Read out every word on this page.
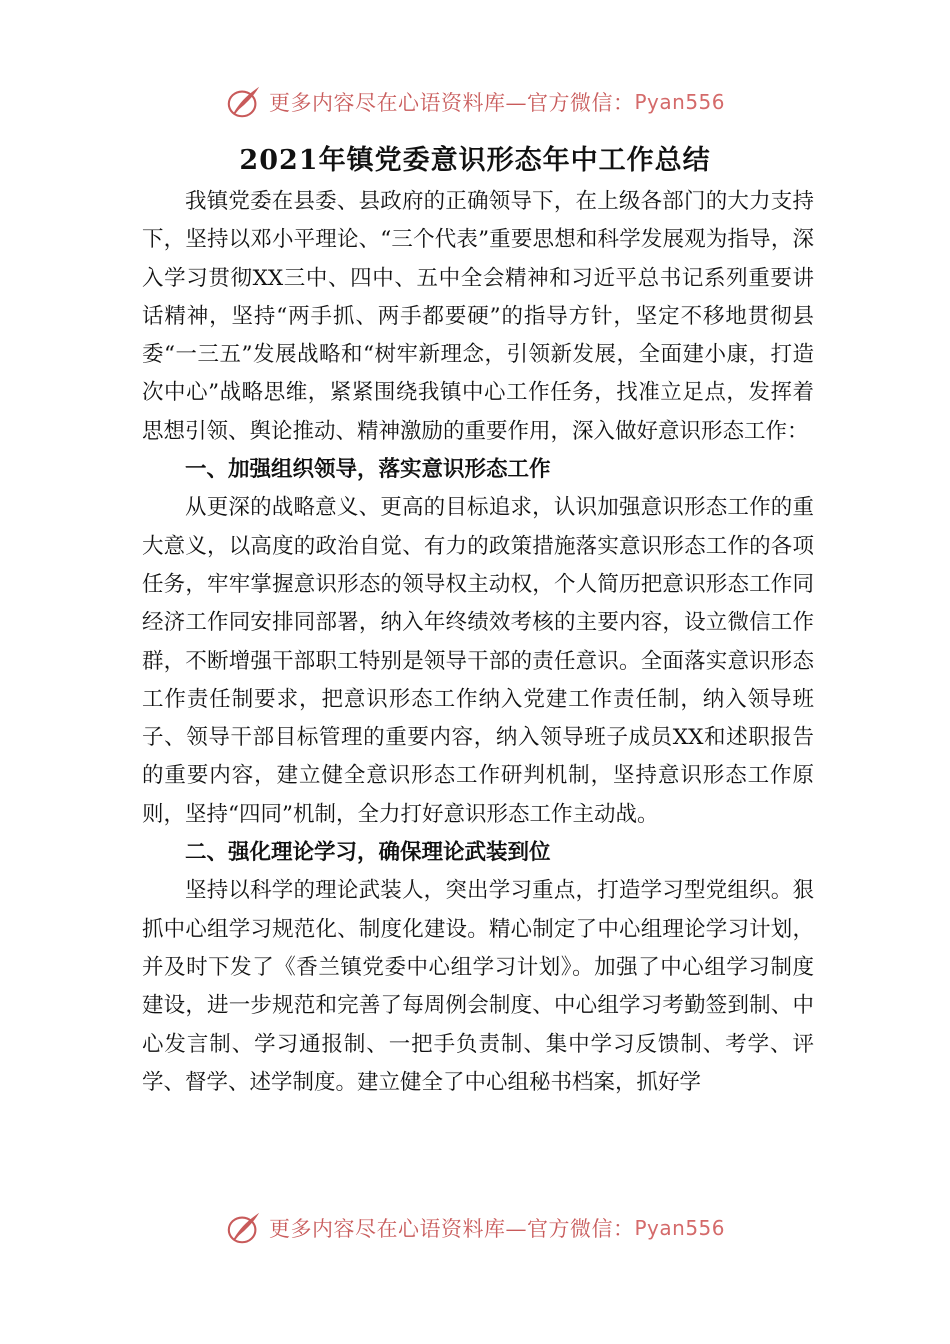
更多内容尽在心语资料库—官方微信： Pyan556
2021年镇党委意识形态年中工作总结

我镇党委在县委、县政府的正确领导下，在上级各部门的大力支持下，坚持以邓小平理论、“三个代表”重要思想和科学发展观为指导，深入学习贯彻XX三中、四中、五中全会精神和习近平总书记系列重要讲话精神，坚持“两手抓、两手都要硬”的指导方针，坚定不移地贯彻县委“一三五”发展战略和“树牢新理念，引领新发展，全面建小康，打造次中心”战略思维，紧紧围绕我镇中心工作任务，找准立足点，发挥着思想引领、舆论推动、精神激励的重要作用，深入做好意识形态工作：

一、加强组织领导，落实意识形态工作

从更深的战略意义、更高的目标追求，认识加强意识形态工作的重大意义，以高度的政治自觉、有力的政策措施落实意识形态工作的各项任务，牢牢掌握意识形态的领导权主动权，个人简历把意识形态工作同经济工作同安排同部署，纳入年终绩效考核的主要内容，设立微信工作群，不断增强干部职工特别是领导干部的责任意识。全面落实意识形态工作责任制要求，把意识形态工作纳入党建工作责任制，纳入领导班子、领导干部目标管理的重要内容，纳入领导班子成员XX和述职报告的重要内容，建立健全意识形态工作研判机制，坚持意识形态工作原则，坚持“四同”机制，全力打好意识形态工作主动战。

二、强化理论学习，确保理论武装到位

坚持以科学的理论武装人，突出学习重点，打造学习型党组织。狠抓中心组学习规范化、制度化建设。精心制定了中心组理论学习计划，并及时下发了《香兰镇党委中心组学习计划》。加强了中心组学习制度建设，进一步规范和完善了每周例会制度、中心组学习考勤签到制、中心发言制、学习通报制、一把手负责制、集中学习反馈制、考学、评学、督学、述学制度。建立健全了中心组秘书档案，抓好学

更多内容尽在心语资料库—官方微信： Pyan556
